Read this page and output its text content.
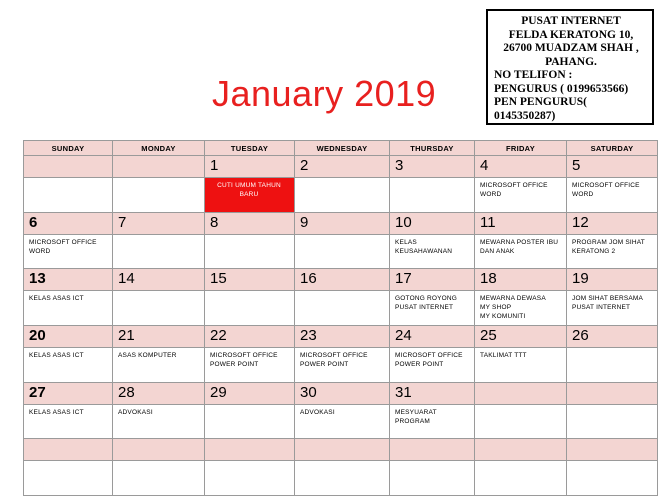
PUSAT INTERNET
FELDA KERATONG 10,
26700 MUADZAM SHAH ,
PAHANG.
NO TELIFON :
PENGURUS ( 0199653566)
PEN PENGURUS( 0145350287)
January 2019
SUNDAY	MONDAY	TUESDAY	WEDNESDAY	THURSDAY	FRIDAY	SATURDAY

		1	2	3	4	5

		CUTI UMUM TAHUN BARU			MICROSOFT OFFICE WORD	MICROSOFT OFFICE WORD

6	7	8	9	10	11	12

MICROSOFT OFFICE WORD				KELAS KEUSAHAWANAN	MEWARNA POSTER IBU DAN ANAK	PROGRAM JOM SIHAT KERATONG 2

13	14	15	16	17	18	19

KELAS ASAS ICT				GOTONG ROYONG PUSAT INTERNET	MEWARNA DEWASA
MY SHOP
MY KOMUNITI	JOM SIHAT BERSAMA PUSAT INTERNET

20	21	22	23	24	25	26

KELAS ASAS ICT	ASAS KOMPUTER	MICROSOFT OFFICE POWER POINT	MICROSOFT OFFICE POWER POINT	MICROSOFT OFFICE POWER POINT	TAKLIMAT TTT	

27	28	29	30	31		

KELAS ASAS ICT	ADVOKASI		ADVOKASI	MESYUARAT PROGRAM		
